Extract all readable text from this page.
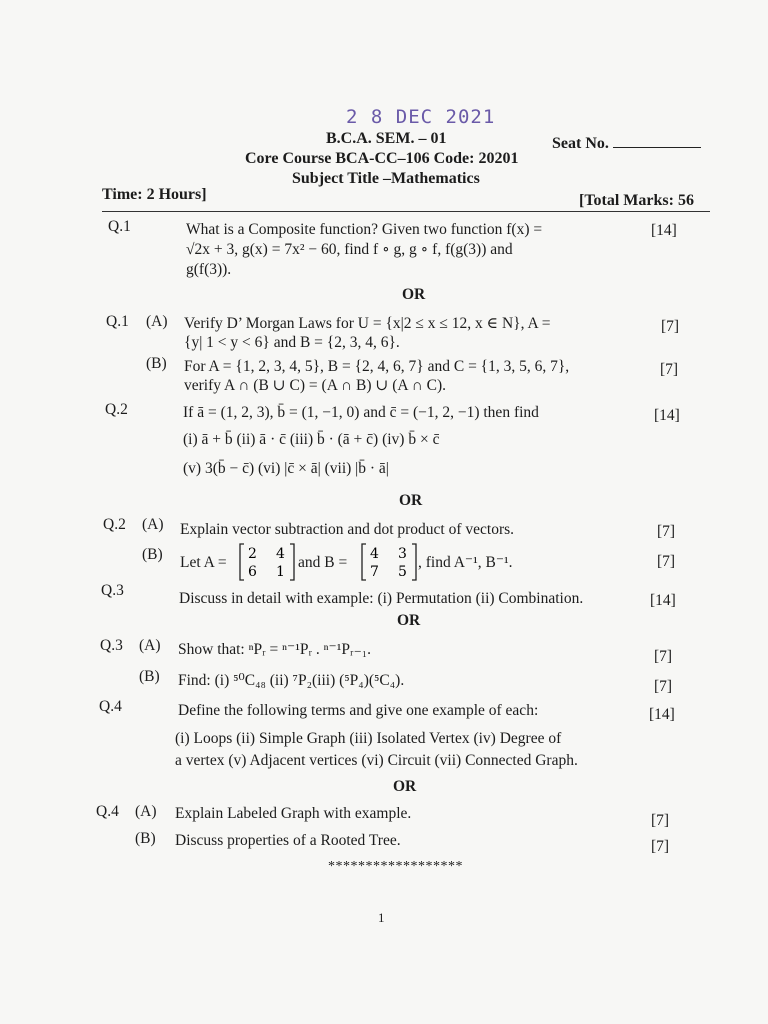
2 8 DEC 2021
B.C.A. SEM. – 01	Seat No.
Core Course BCA-CC–106 Code: 20201
Subject Title –Mathematics
Time: 2 Hours]	[Total Marks: 56
Q.1	What is a Composite function? Given two function f(x) =
√2x + 3, g(x) = 7x² − 60, find f ∘ g, g ∘ f, f(g(3)) and
g(f(3)).
[14]
OR
Q.1 (A) Verify D’ Morgan Laws for U = {x|2 ≤ x ≤ 12, x ∈ N}, A =
{y| 1 < y < 6} and B = {2, 3, 4, 6}.
[7]
(B) For A = {1, 2, 3, 4, 5}, B = {2, 4, 6, 7} and C = {1, 3, 5, 6, 7},
verify A ∩ (B ∪ C) = (A ∩ B) ∪ (A ∩ C).
[7]
Q.2	If ā = (1, 2, 3), b̄ = (1, −1, 0) and c̄ = (−1, 2, −1) then find
(i) ā + b̄ (ii) ā · c̄ (iii) b̄ · (ā + c̄) (iv) b̄ × c̄
(v) 3(b̄ − c̄) (vi) |c̄ × ā| (vii) |b̄ · ā|
[14]
OR
Q.2 (A) Explain vector subtraction and dot product of vectors.	[7]
(B) Let A = 2 4
6 1
and B = 4 3
7 5
, find A⁻¹, B⁻¹.	[7]
Q.3	Discuss in detail with example: (i) Permutation (ii) Combination.	[14]
OR
Q.3 (A) Show that: ⁿPᵣ = ⁿ⁻¹Pᵣ . ⁿ⁻¹Pᵣ₋₁.	[7]
(B) Find: (i) ⁵⁰C₄₈ (ii) ⁷P₂(iii) (⁵P₄)(⁵C₄).	[7]
Q.4	Define the following terms and give one example of each:
(i) Loops (ii) Simple Graph (iii) Isolated Vertex (iv) Degree of
a vertex (v) Adjacent vertices (vi) Circuit (vii) Connected Graph.
[14]
OR
Q.4 (A) Explain Labeled Graph with example.	[7]
(B) Discuss properties of a Rooted Tree.	[7]
******************
1
